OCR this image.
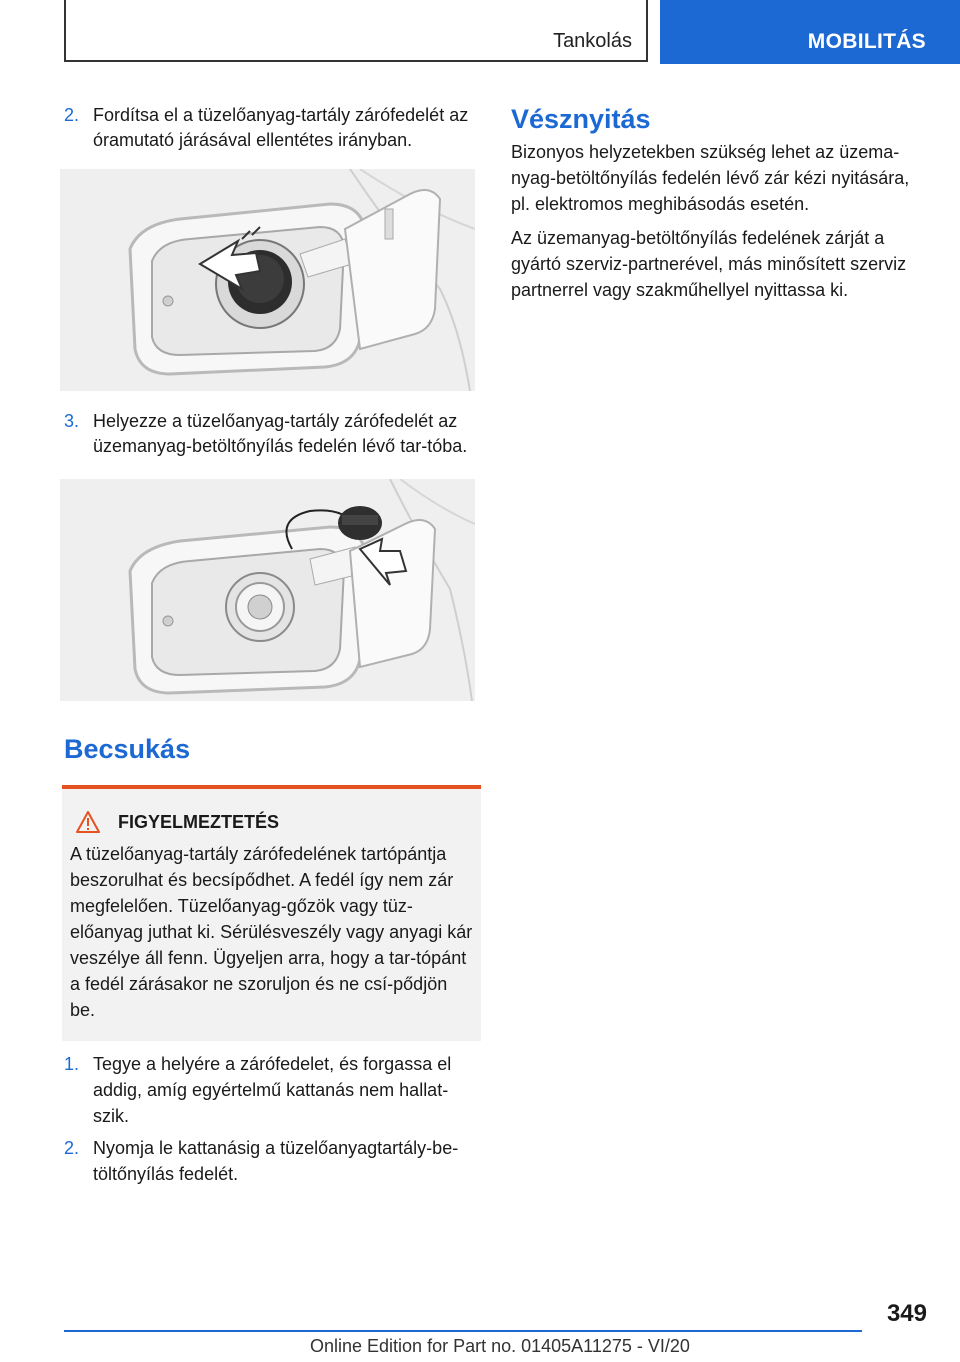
Tankolás	MOBILITÁS
2. Fordítsa el a tüzelőanyag-tartály zárófedelét az óramutató járásával ellentétes irányban.
3. Helyezze a tüzelőanyag-tartály zárófedelét az üzemanyag-betöltőnyílás fedelén lévő tar-tóba.
Becsukás
FIGYELMEZTETÉS
A tüzelőanyag-tartály zárófedelének tartópántja beszorulhat és becsípődhet. A fedél így nem zár megfelelően. Tüzelőanyag-gőzök vagy tüz-előanyag juthat ki. Sérülésveszély vagy anyagi kár veszélye áll fenn. Ügyeljen arra, hogy a tar-tópánt a fedél zárásakor ne szoruljon és ne csí-pődjön be.
1. Tegye a helyére a zárófedelet, és forgassa el addig, amíg egyértelmű kattanás nem hallat-szik.
2. Nyomja le kattanásig a tüzelőanyagtartály-be-töltőnyílás fedelét.
Vésznyitás

Bizonyos helyzetekben szükség lehet az üzema-nyag-betöltőnyílás fedelén lévő zár kézi nyitására, pl. elektromos meghibásodás esetén.

Az üzemanyag-betöltőnyílás fedelének zárját a gyártó szerviz-partnerével, más minősített szerviz partnerrel vagy szakműhellyel nyittassa ki.

349
Online Edition for Part no. 01405A11275 - VI/20
